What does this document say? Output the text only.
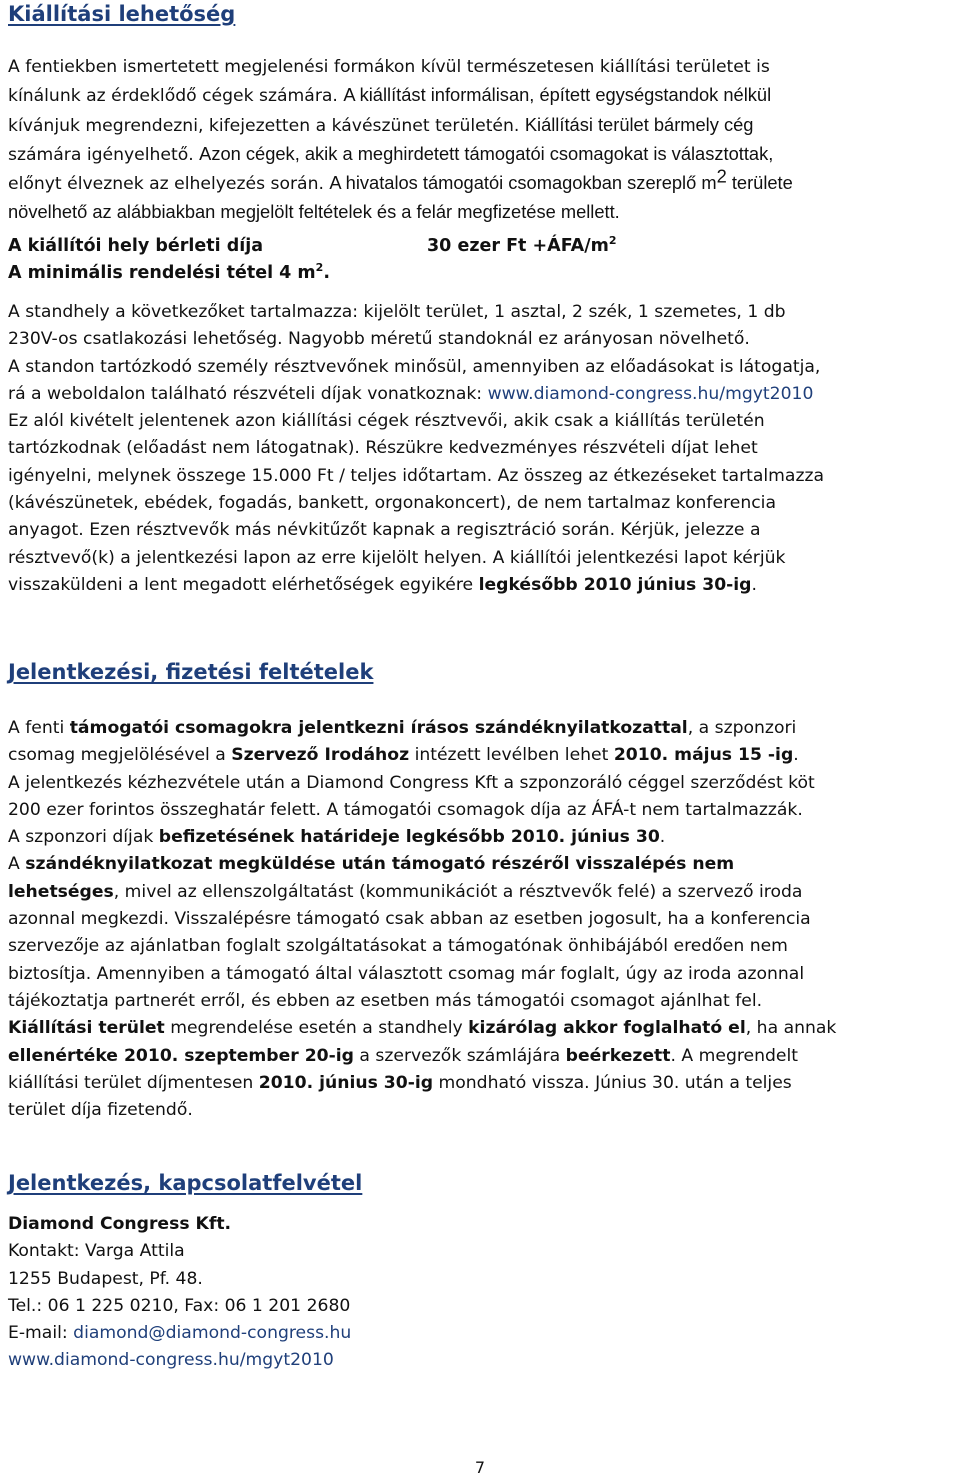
Kiállítási lehetőség

A fentiekben ismertetett megjelenési formákon kívül természetesen kiállítási területet is
kínálunk az érdeklődő cégek számára. A kiállítást informálisan, épített egységstandok nélkül
kívánjuk megrendezni, kifejezetten a kávészünet területén. Kiállítási terület bármely cég
számára igényelhető. Azon cégek, akik a meghirdetett támogatói csomagokat is választottak,
előnyt élveznek az elhelyezés során. A hivatalos támogatói csomagokban szereplő $m^2$ területe
növelhető az alábbiakban megjelölt feltételek és a felár megfizetése mellett.

A kiállítói hely bérleti díja	30 ezer $Ft +ÁFA/m^2$
A minimális rendelési tétel 4 $m^2$.

A standhely a következőket tartalmazza: kijelölt terület, 1 asztal, 2 szék, 1 szemetes, 1 db
230V-os csatlakozási lehetőség. Nagyobb méretű standoknál ez arányosan növelhető.
A standon tartózkodó személy résztvevőnek minősül, amennyiben az előadásokat is látogatja,
rá a weboldalon található részvételi díjak vonatkoznak: www.diamond-congress.hu/mgyt2010
Ez alól kivételt jelentenek azon kiállítási cégek résztvevői, akik csak a kiállítás területén
tartózkodnak (előadást nem látogatnak). Részükre kedvezményes részvételi díjat lehet
igényelni, melynek összege 15.000 Ft / teljes időtartam. Az összeg az étkezéseket tartalmazza
(kávészünetek, ebédek, fogadás, bankett, orgonakoncert), de nem tartalmaz konferencia
anyagot. Ezen résztvevők más névkitűzőt kapnak a regisztráció során. Kérjük, jelezze a
résztvevő(k) a jelentkezési lapon az erre kijelölt helyen. A kiállítói jelentkezési lapot kérjük
visszaküldeni a lent megadott elérhetőségek egyikére legkésőbb 2010 június 30-ig.

Jelentkezési, fizetési feltételek

A fenti támogatói csomagokra jelentkezni írásos szándéknyilatkozattal, a szponzori
csomag megjelölésével a Szervező Irodához intézett levélben lehet 2010. május 15 -ig.
A jelentkezés kézhezvétele után a Diamond Congress Kft a szponzoráló céggel szerződést köt
200 ezer forintos összeghatár felett. A támogatói csomagok díja az ÁFÁ-t nem tartalmazzák.
A szponzori díjak befizetésének határideje legkésőbb 2010. június 30.
A szándéknyilatkozat megküldése után támogató részéről visszalépés nem
lehetséges, mivel az ellenszolgáltatást (kommunikációt a résztvevők felé) a szervező iroda
azonnal megkezdi. Visszalépésre támogató csak abban az esetben jogosult, ha a konferencia
szervezője az ajánlatban foglalt szolgáltatásokat a támogatónak önhibájából eredően nem
biztosítja. Amennyiben a támogató által választott csomag már foglalt, úgy az iroda azonnal
tájékoztatja partnerét erről, és ebben az esetben más támogatói csomagot ajánlhat fel.
Kiállítási terület megrendelése esetén a standhely kizárólag akkor foglalható el, ha annak
ellenértéke 2010. szeptember 20-ig a szervezők számlájára beérkezett. A megrendelt
kiállítási terület díjmentesen 2010. június 30-ig mondható vissza. Június 30. után a teljes
terület díja fizetendő.

Jelentkezés, kapcsolatfelvétel
Diamond Congress Kft.
Kontakt: Varga Attila
1255 Budapest, Pf. 48.
Tel.: 06 1 225 0210, Fax: 06 1 201 2680
E-mail: diamond@diamond-congress.hu
www.diamond-congress.hu/mgyt2010
7
